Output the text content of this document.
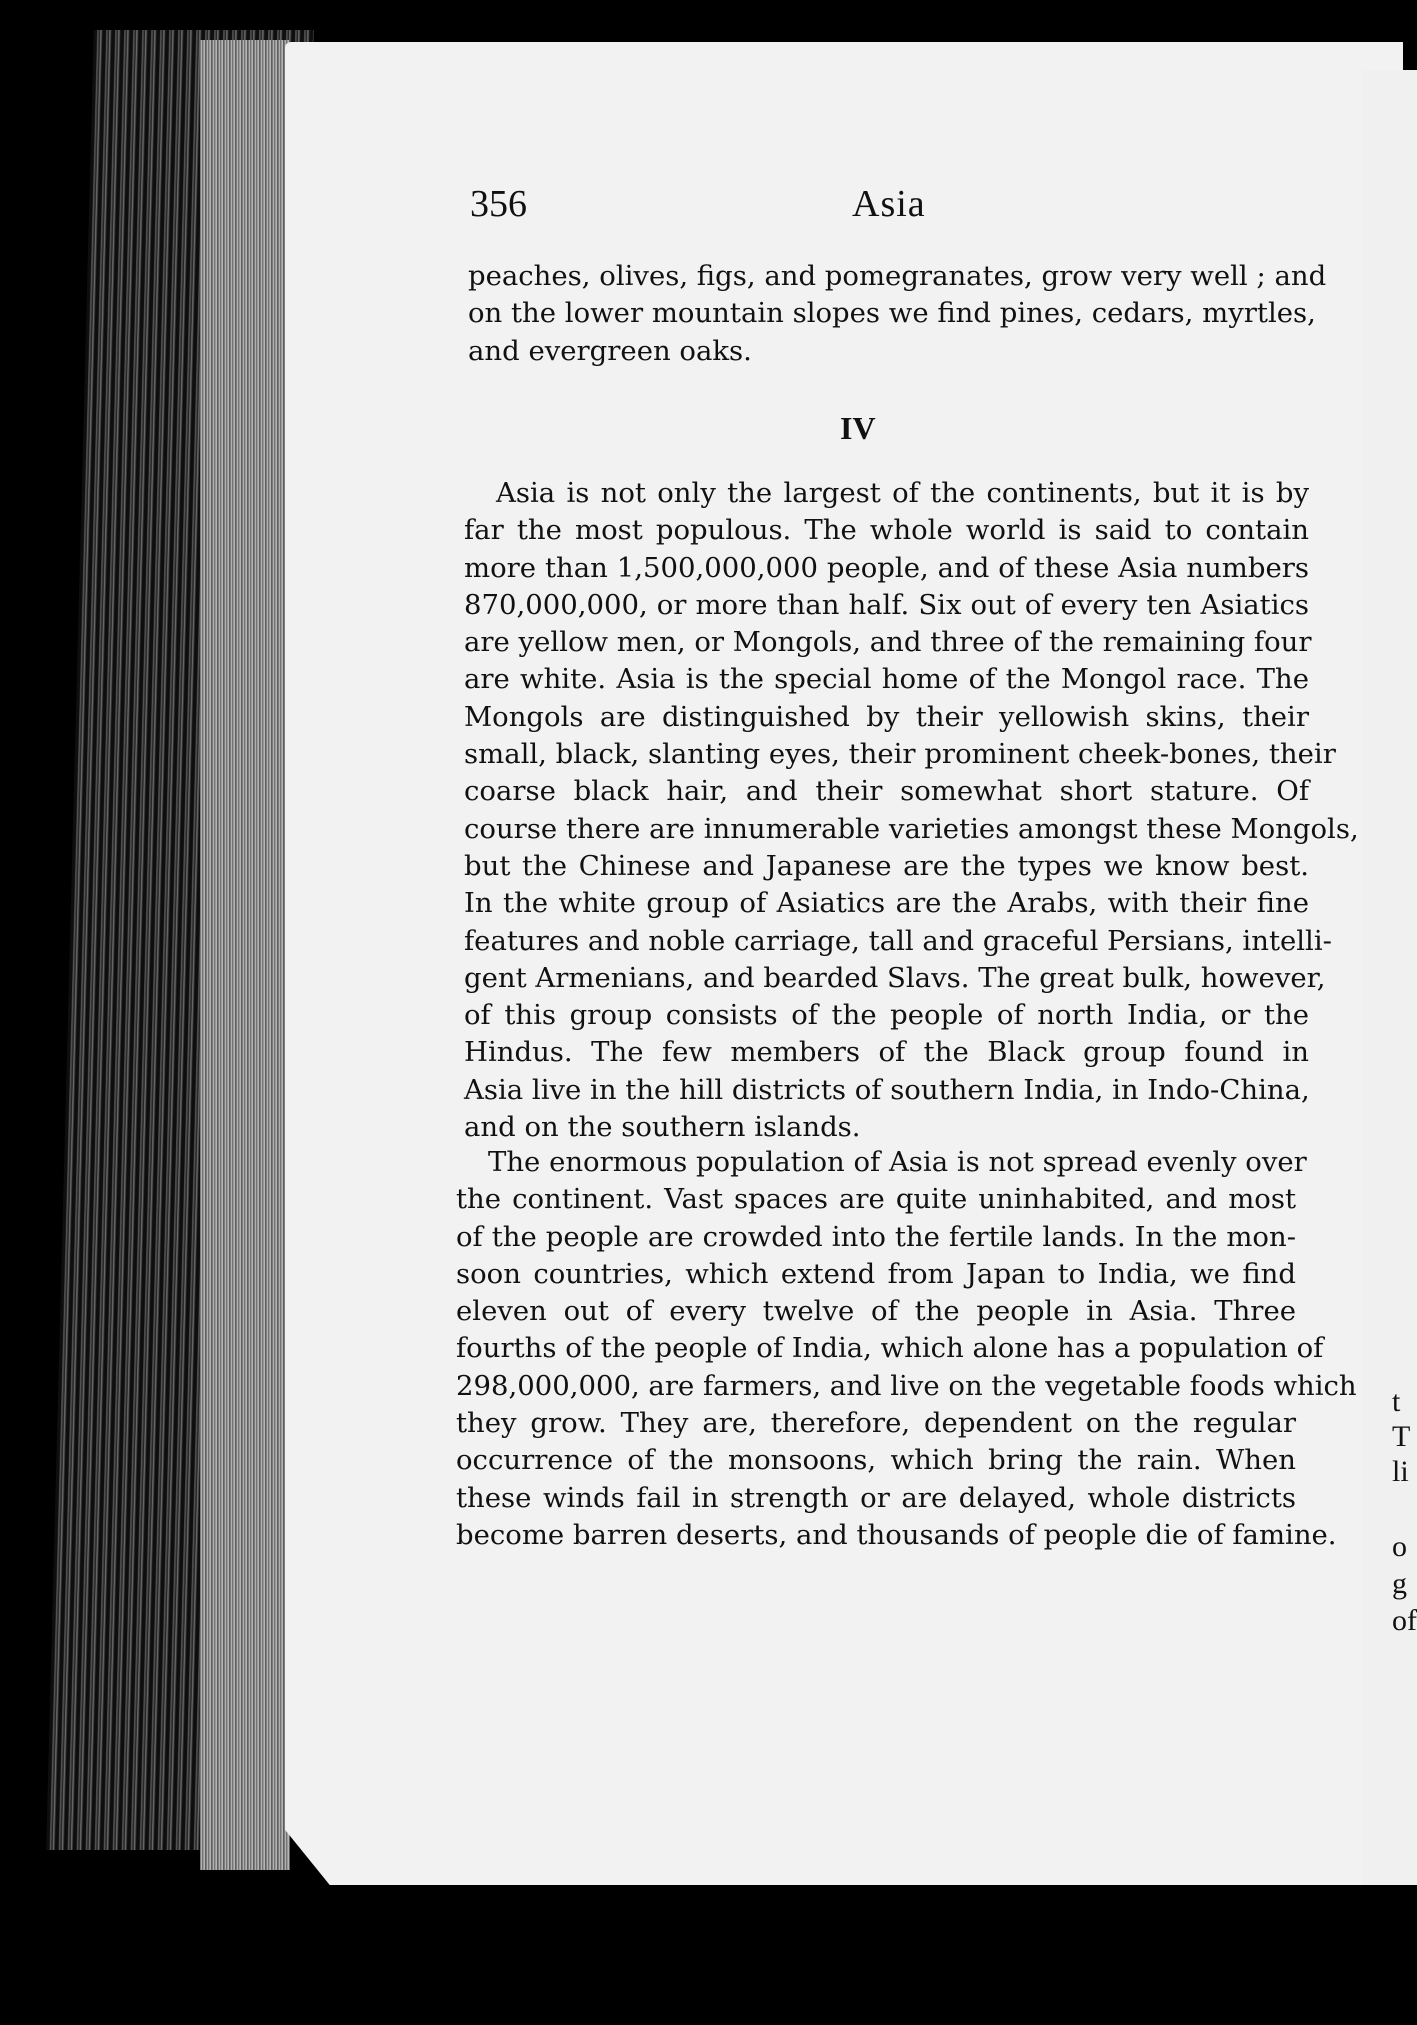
356	Asia
peaches, olives, figs, and pomegranates, grow very well ; and
on the lower mountain slopes we find pines, cedars, myrtles,
and evergreen oaks.
IV
Asia is not only the largest of the continents, but it is by
far the most populous. The whole world is said to contain
more than 1,500,000,000 people, and of these Asia numbers
870,000,000, or more than half. Six out of every ten Asiatics
are yellow men, or Mongols, and three of the remaining four
are white. Asia is the special home of the Mongol race. The
Mongols are distinguished by their yellowish skins, their
small, black, slanting eyes, their prominent cheek-bones, their
coarse black hair, and their somewhat short stature. Of
course there are innumerable varieties amongst these Mongols,
but the Chinese and Japanese are the types we know best.
In the white group of Asiatics are the Arabs, with their fine
features and noble carriage, tall and graceful Persians, intelli-
gent Armenians, and bearded Slavs. The great bulk, however,
of this group consists of the people of north India, or the
Hindus. The few members of the Black group found in
Asia live in the hill districts of southern India, in Indo-China,
and on the southern islands.
The enormous population of Asia is not spread evenly over
the continent. Vast spaces are quite uninhabited, and most
of the people are crowded into the fertile lands. In the mon-
soon countries, which extend from Japan to India, we find
eleven out of every twelve of the people in Asia. Three
fourths of the people of India, which alone has a population of
298,000,000, are farmers, and live on the vegetable foods which
they grow. They are, therefore, dependent on the regular
occurrence of the monsoons, which bring the rain. When
these winds fail in strength or are delayed, whole districts
become barren deserts, and thousands of people die of famine.
t
T
li
o
g
of
